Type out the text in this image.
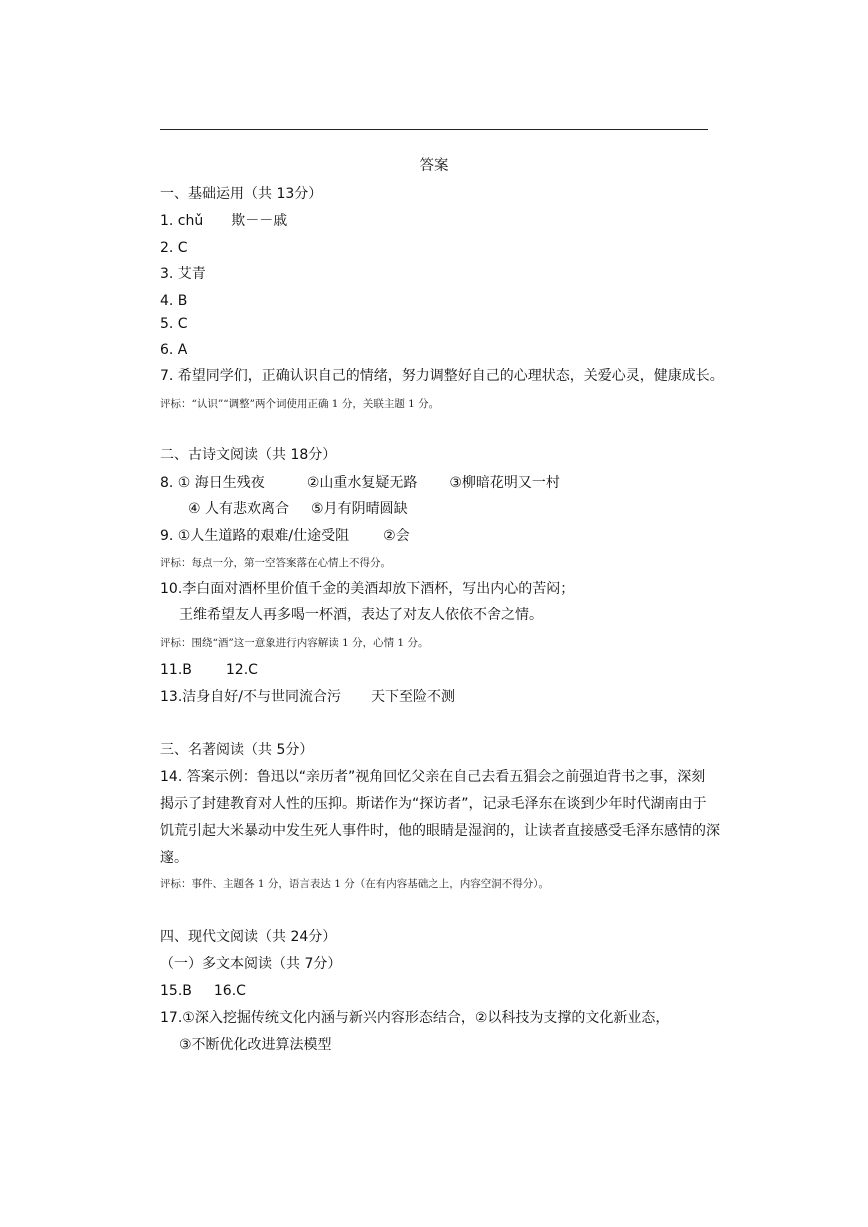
答案
一、基础运用（共 13分）
1. chǔ 欺－－戚
2. C
3. 艾青
4. B
5. C
6. A
7. 希望同学们，正确认识自己的情绪，努力调整好自己的心理状态，关爱心灵，健康成长。
评标：“认识”“调整”两个词使用正确 1 分，关联主题 1 分。
二、古诗文阅读（共 18分）
8. ① 海日生残夜	②山重水复疑无路 ③柳暗花明又一村
④ 人有悲欢离合 ⑤月有阴晴圆缺
9. ①人生道路的艰难/仕途受阻 ②会
评标：每点一分，第一空答案落在心情上不得分。
10.李白面对酒杯里价值千金的美酒却放下酒杯，写出内心的苦闷；
王维希望友人再多喝一杯酒，表达了对友人依依不舍之情。
评标：围绕“酒”这一意象进行内容解读 1 分，心情 1 分。
11.B 12.C
13.洁身自好/不与世同流合污 天下至险不测
三、名著阅读（共 5分）
14. 答案示例：鲁迅以“亲历者”视角回忆父亲在自己去看五猖会之前强迫背书之事，深刻
揭示了封建教育对人性的压抑。斯诺作为“探访者”，记录毛泽东在谈到少年时代湖南由于
饥荒引起大米暴动中发生死人事件时，他的眼睛是湿润的，让读者直接感受毛泽东感情的深
邃。
评标：事件、主题各 1 分，语言表达 1 分（在有内容基础之上，内容空洞不得分）。
四、现代文阅读（共 24分）
（一）多文本阅读（共 7分）
15.B 16.C
17.①深入挖掘传统文化内涵与新兴内容形态结合，②以科技为支撑的文化新业态，
③不断优化改进算法模型
